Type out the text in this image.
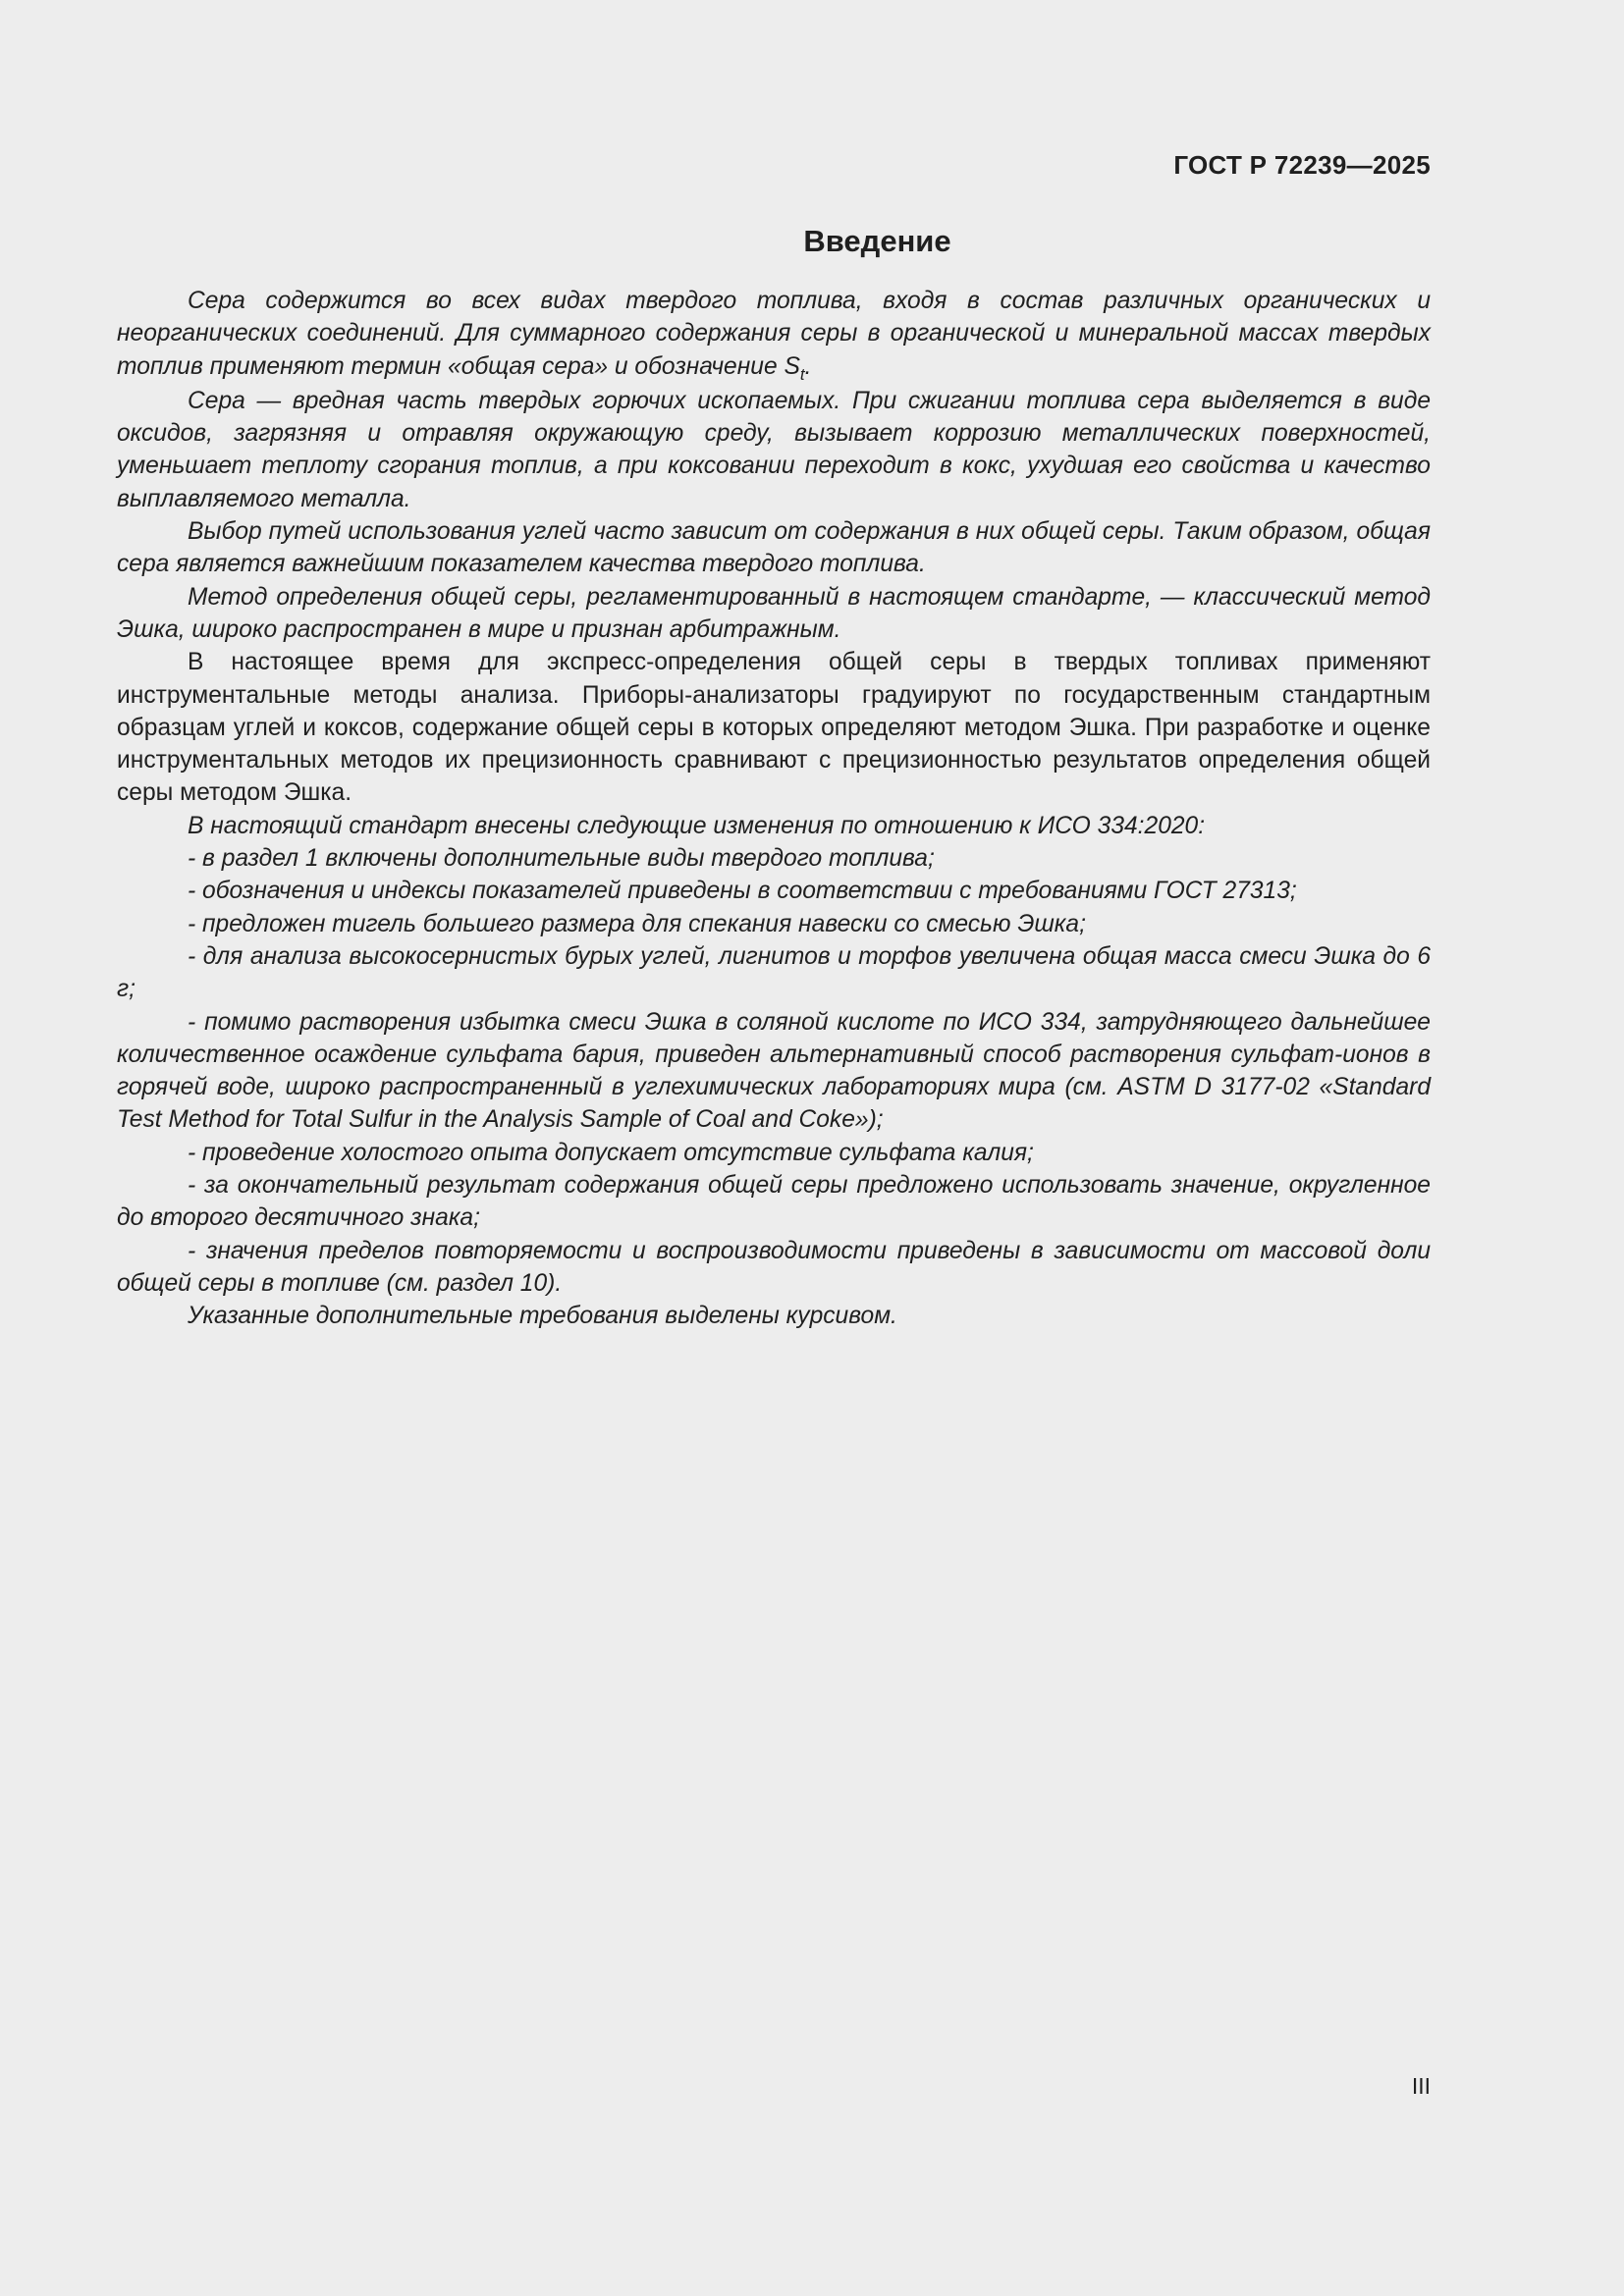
ГОСТ Р 72239—2025
Введение

Сера содержится во всех видах твердого топлива, входя в состав различных органических и неорганических соединений. Для суммарного содержания серы в органической и минеральной массах твердых топлив применяют термин «общая сера» и обозначение $S_t$.

Сера — вредная часть твердых горючих ископаемых. При сжигании топлива сера выделяется в виде оксидов, загрязняя и отравляя окружающую среду, вызывает коррозию металлических поверхностей, уменьшает теплоту сгорания топлив, а при коксовании переходит в кокс, ухудшая его свойства и качество выплавляемого металла.

Выбор путей использования углей часто зависит от содержания в них общей серы. Таким образом, общая сера является важнейшим показателем качества твердого топлива.

Метод определения общей серы, регламентированный в настоящем стандарте, — классический метод Эшка, широко распространен в мире и признан арбитражным.

В настоящее время для экспресс-определения общей серы в твердых топливах применяют инструментальные методы анализа. Приборы-анализаторы градуируют по государственным стандартным образцам углей и коксов, содержание общей серы в которых определяют методом Эшка. При разработке и оценке инструментальных методов их прецизионность сравнивают с прецизионностью результатов определения общей серы методом Эшка.

В настоящий стандарт внесены следующие изменения по отношению к ИСО 334:2020:

- в раздел 1 включены дополнительные виды твердого топлива;

- обозначения и индексы показателей приведены в соответствии с требованиями ГОСТ 27313;

- предложен тигель большего размера для спекания навески со смесью Эшка;

- для анализа высокосернистых бурых углей, лигнитов и торфов увеличена общая масса смеси Эшка до 6 г;

- помимо растворения избытка смеси Эшка в соляной кислоте по ИСО 334, затрудняющего дальнейшее количественное осаждение сульфата бария, приведен альтернативный способ растворения сульфат-ионов в горячей воде, широко распространенный в углехимических лабораториях мира (см. ASTM D 3177-02 «Standard Test Method for Total Sulfur in the Analysis Sample of Coal and Coke»);

- проведение холостого опыта допускает отсутствие сульфата калия;

- за окончательный результат содержания общей серы предложено использовать значение, округленное до второго десятичного знака;

- значения пределов повторяемости и воспроизводимости приведены в зависимости от массовой доли общей серы в топливе (см. раздел 10).

Указанные дополнительные требования выделены курсивом.

III
